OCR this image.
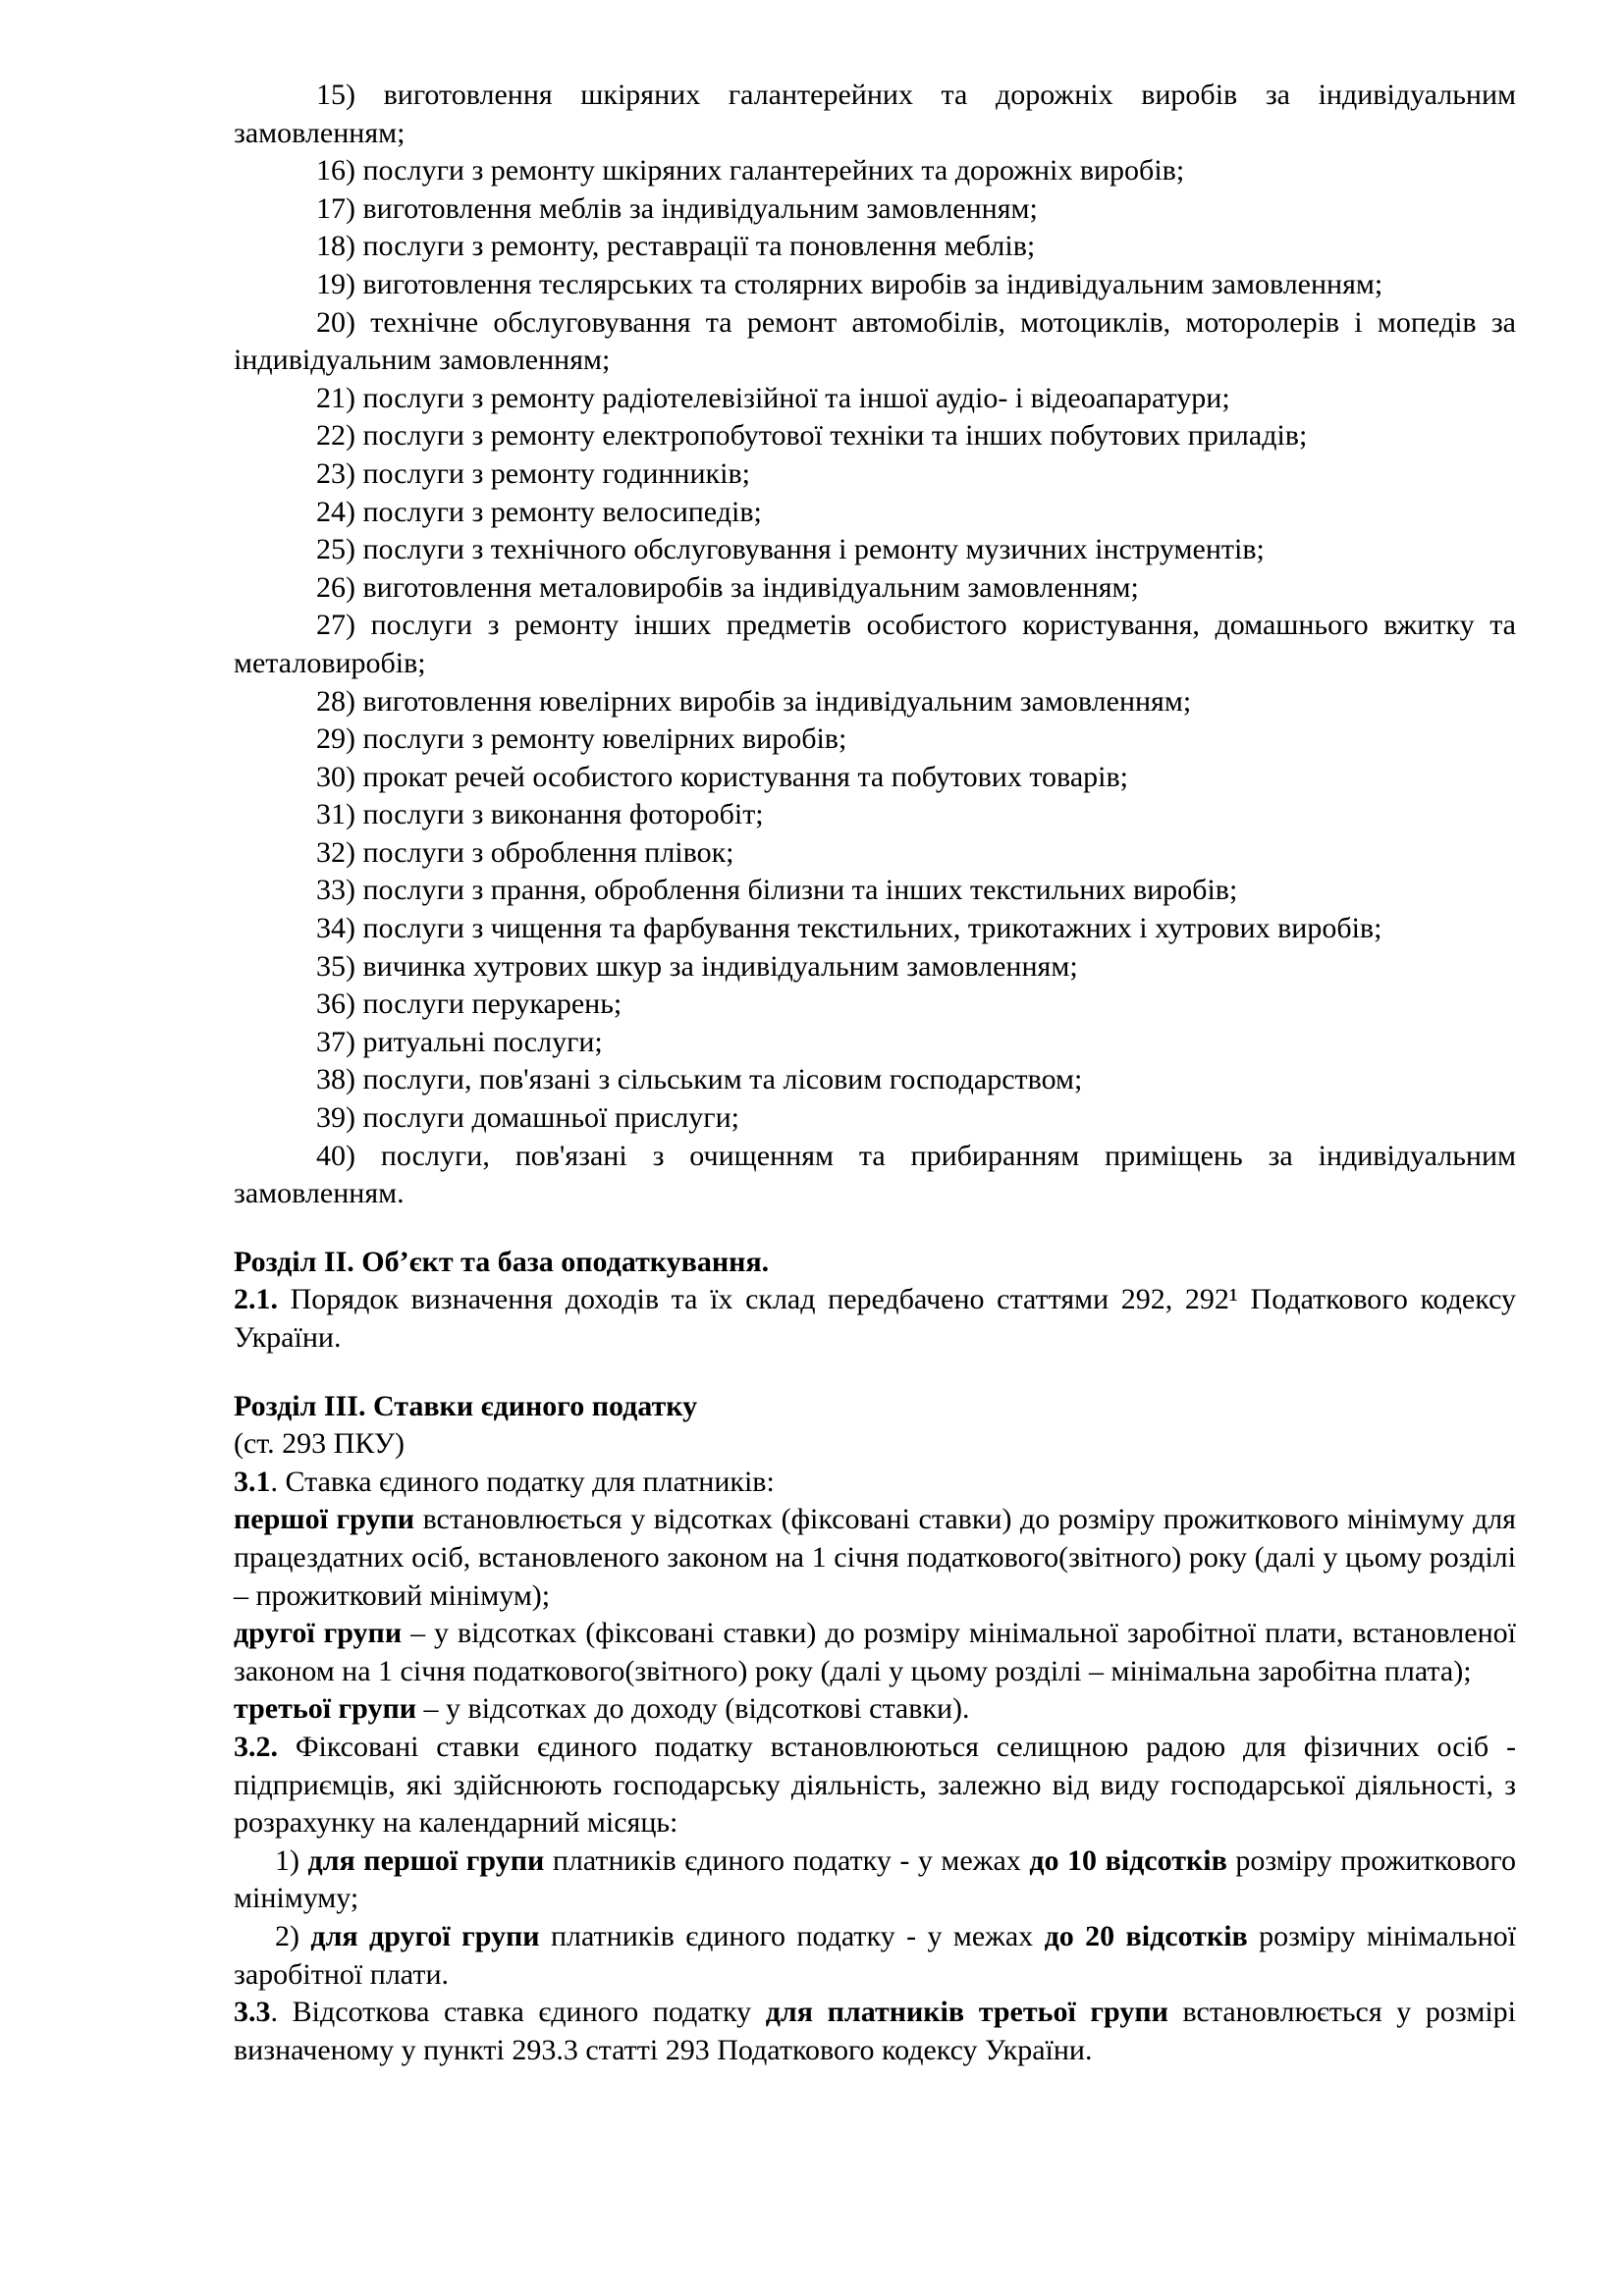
15) виготовлення шкіряних галантерейних та дорожніх виробів за індивідуальним замовленням;

16) послуги з ремонту шкіряних галантерейних та дорожніх виробів;

17) виготовлення меблів за індивідуальним замовленням;

18) послуги з ремонту, реставрації та поновлення меблів;

19) виготовлення теслярських та столярних виробів за індивідуальним замовленням;

20) технічне обслуговування та ремонт автомобілів, мотоциклів, моторолерів і мопедів за індивідуальним замовленням;

21) послуги з ремонту радіотелевізійної та іншої аудіо- і відеоапаратури;

22) послуги з ремонту електропобутової техніки та інших побутових приладів;

23) послуги з ремонту годинників;

24) послуги з ремонту велосипедів;

25) послуги з технічного обслуговування і ремонту музичних інструментів;

26) виготовлення металовиробів за індивідуальним замовленням;

27) послуги з ремонту інших предметів особистого користування, домашнього вжитку та металовиробів;

28) виготовлення ювелірних виробів за індивідуальним замовленням;

29) послуги з ремонту ювелірних виробів;

30) прокат речей особистого користування та побутових товарів;

31) послуги з виконання фоторобіт;

32) послуги з оброблення плівок;

33) послуги з прання, оброблення білизни та інших текстильних виробів;

34) послуги з чищення та фарбування текстильних, трикотажних і хутрових виробів;

35) вичинка хутрових шкур за індивідуальним замовленням;

36) послуги перукарень;

37) ритуальні послуги;

38) послуги, пов'язані з сільським та лісовим господарством;

39) послуги домашньої прислуги;

40) послуги, пов'язані з очищенням та прибиранням приміщень за індивідуальним замовленням.

Розділ ІІ. Об’єкт та база оподаткування.

2.1. Порядок визначення доходів та їх склад передбачено статтями 292, 292¹ Податкового кодексу України.

Розділ ІІІ. Ставки єдиного податку

(ст. 293 ПКУ)

3.1. Ставка єдиного податку для платників:

першої групи встановлюється у відсотках (фіксовані ставки) до розміру прожиткового мінімуму для працездатних осіб, встановленого законом на 1 січня податкового(звітного) року (далі у цьому розділі – прожитковий мінімум);

другої групи – у відсотках (фіксовані ставки) до розміру мінімальної заробітної плати, встановленої законом на 1 січня податкового(звітного) року (далі у цьому розділі – мінімальна заробітна плата);

третьої групи – у відсотках до доходу (відсоткові ставки).

3.2. Фіксовані ставки єдиного податку встановлюються селищною радою для фізичних осіб - підприємців, які здійснюють господарську діяльність, залежно від виду господарської діяльності, з розрахунку на календарний місяць:

1) для першої групи платників єдиного податку - у межах до 10 відсотків розміру прожиткового мінімуму;

2) для другої групи платників єдиного податку - у межах до 20 відсотків розміру мінімальної заробітної плати.

3.3. Відсоткова ставка єдиного податку для платників третьої групи встановлюється у розмірі визначеному у пункті 293.3 статті 293 Податкового кодексу України.
